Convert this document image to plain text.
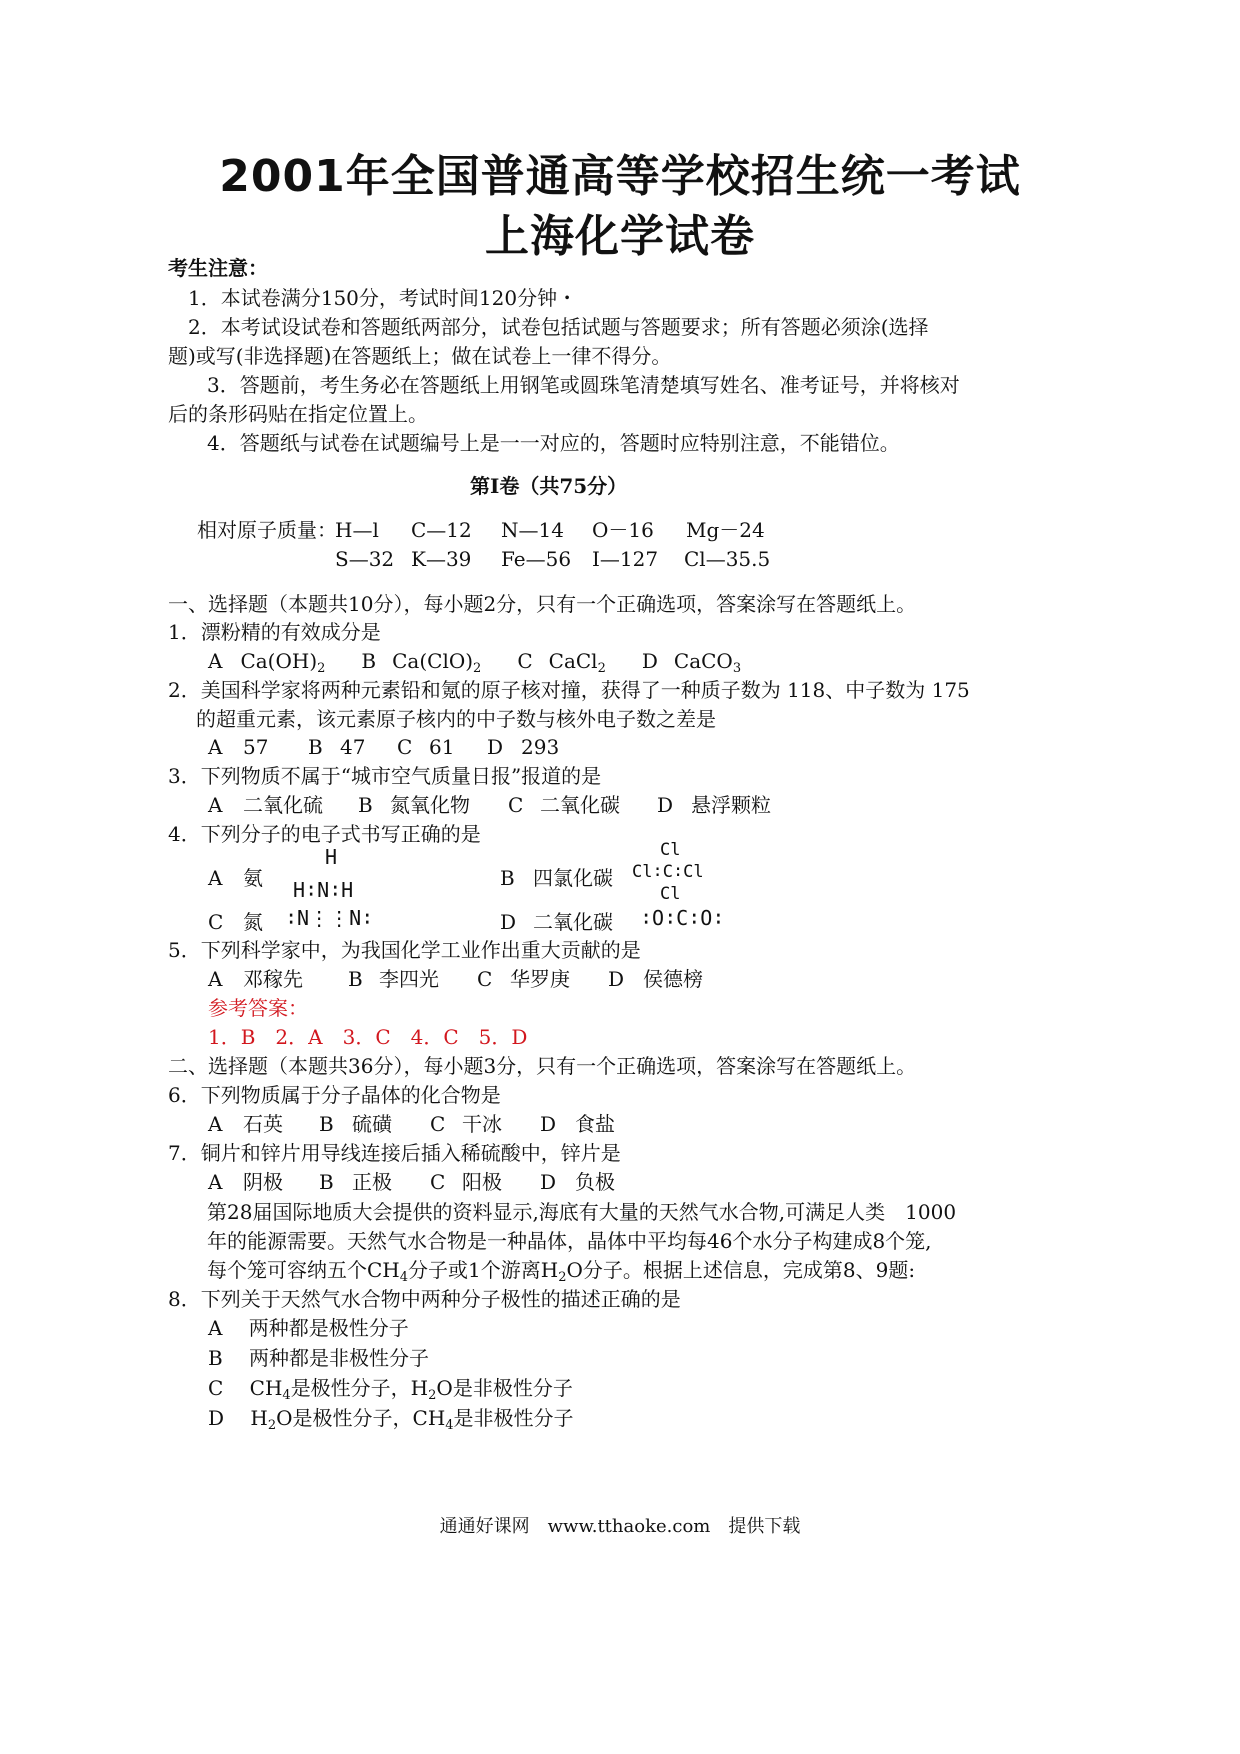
2001年全国普通高等学校招生统一考试
上海化学试卷
考生注意：
1．本试卷满分150分，考试时间120分钟・
2．本考试设试卷和答题纸两部分，试卷包括试题与答题要求；所有答题必须涂(选择
题)或写(非选择题)在答题纸上；做在试卷上一律不得分。
3．答题前，考生务必在答题纸上用钢笔或圆珠笔清楚填写姓名、准考证号，并将核对
后的条形码贴在指定位置上。
4．答题纸与试卷在试题编号上是一一对应的，答题时应特别注意，不能错位。
第Ⅰ卷（共75分）
相对原子质量：
H—l C—12 N—14 O－16 Mg－24
S—32 K—39 Fe—56 I—127 Cl—35.5
一、选择题（本题共10分），每小题2分，只有一个正确选项，答案涂写在答题纸上。
1．漂粉精的有效成分是
A $Ca(OH)_2$ B $Ca(ClO)_2$ C CaCl$_2$ D CaCO$_3$
2．美国科学家将两种元素铅和氪的原子核对撞，获得了一种质子数为 118、中子数为 175
的超重元素，该元素原子核内的中子数与核外电子数之差是
A 57 B 47 C 61 D 293
3．下列物质不属于“城市空气质量日报”报道的是
A 二氧化硫 B 氮氧化物 C 二氧化碳 D 悬浮颗粒
4．下列分子的电子式书写正确的是
H
A 氨 H∶N∶H	B 四氯化碳
Cl
Cl∶C∶Cl
Cl
C 氮 ∶N⋮⋮N∶	D 二氧化碳 ∶O∶C∶O∶
5．下列科学家中，为我国化学工业作出重大贡献的是
A 邓稼先 B 李四光 C 华罗庚 D 侯德榜
参考答案：
1．B　2．A　3．C　4．C　5．D
二、选择题（本题共36分），每小题3分，只有一个正确选项，答案涂写在答题纸上。
6．下列物质属于分子晶体的化合物是
A 石英 B 硫磺 C 干冰 D 食盐
7．铜片和锌片用导线连接后插入稀硫酸中，锌片是
A 阴极 B 正极 C 阳极 D 负极
第28届国际地质大会提供的资料显示,海底有大量的天然气水合物,可满足人类　1000
年的能源需要。天然气水合物是一种晶体，晶体中平均每46个水分子构建成8个笼,
每个笼可容纳五个$CH_4$分子或1个游离$H_2O$分子。根据上述信息，完成第8、9题:
8．下列关于天然气水合物中两种分子极性的描述正确的是
A　 两种都是极性分子
B　 两种都是非极性分子
C　 $CH_4$是极性分子，$H_2O$是非极性分子
D　 $H_2O$是极性分子，$CH_4$是非极性分子
通通好课网　www.tthaoke.com　提供下载
